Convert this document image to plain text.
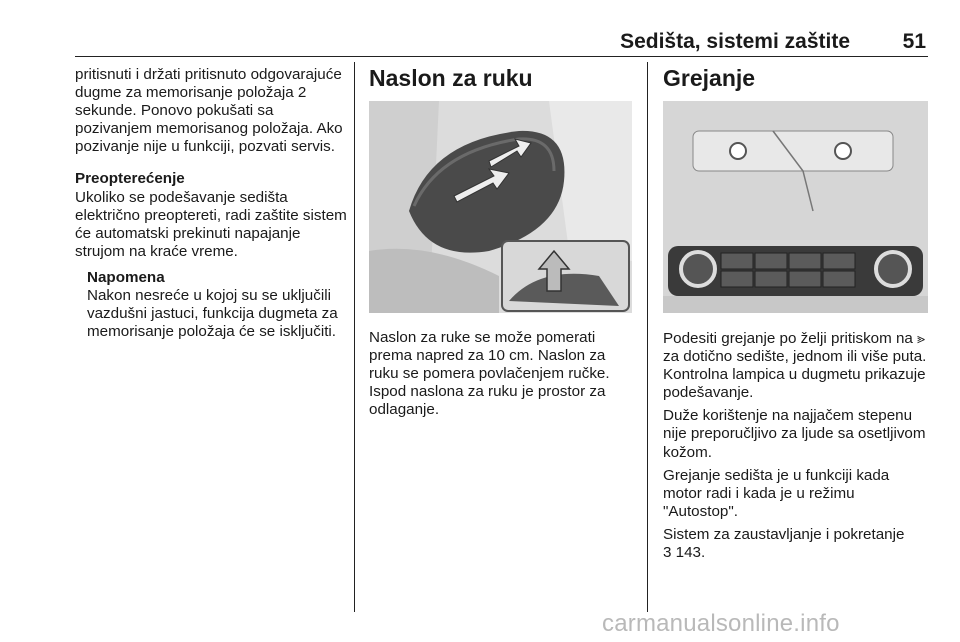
Sedišta, sistemi zaštite	51

pritisnuti i držati pritisnuto odgovarajuće dugme za memorisanje položaja 2 sekunde. Ponovo pokušati sa pozivanjem memorisanog položaja. Ako pozivanje nije u funkciji, pozvati servis.

Preopterećenje

Ukoliko se podešavanje sedišta električno preoptereti, radi zaštite sistem će automatski prekinuti napajanje strujom na kraće vreme.

Napomena

Nakon nesreće u kojoj su se uključili vazdušni jastuci, funkcija dugmeta za memorisanje položaja će se isključiti.

Naslon za ruku

Naslon za ruke se može pomerati prema napred za 10 cm. Naslon za ruku se pomera povlačenjem ručke. Ispod naslona za ruku je prostor za odlaganje.

Grejanje

Podesiti grejanje po želji pritiskom na ⪢ za dotično sedište, jednom ili više puta. Kontrolna lampica u dugmetu prikazuje podešavanje.

Duže korištenje na najjačem stepenu nije preporučljivo za ljude sa osetljivom kožom.

Grejanje sedišta je u funkciji kada motor radi i kada je u režimu "Autostop".

Sistem za zaustavljanje i pokretanje
3 143.

carmanualsonline.info
